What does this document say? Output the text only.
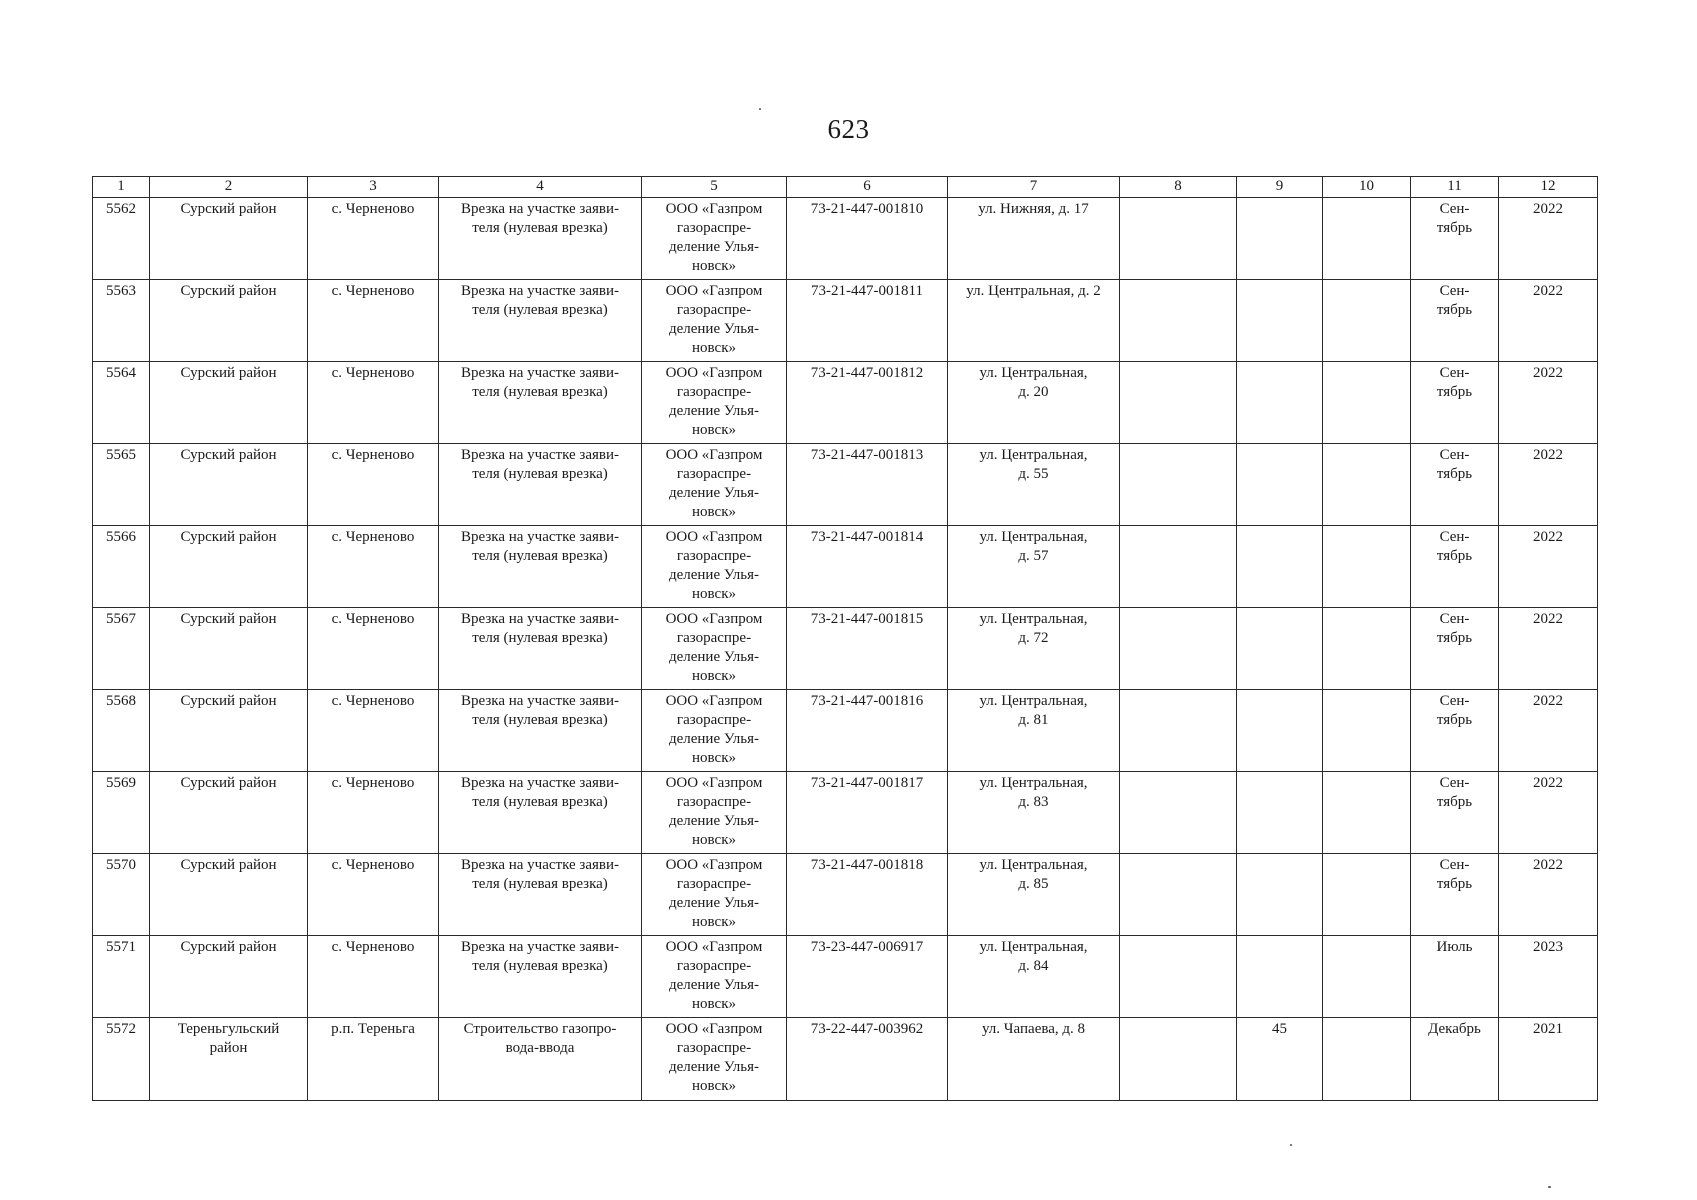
623
1	2	3	4	5	6	7	8	9	10	11	12
5562	Сурский район	с. Черненово	Врезка на участке заяви-
теля (нулевая врезка)	ООО «Газпром
газораспре-
деление Улья-
новск»	73-21-447-001810	ул. Нижняя, д. 17				Сен-
тябрь	2022
5563	Сурский район	с. Черненово	Врезка на участке заяви-
теля (нулевая врезка)	ООО «Газпром
газораспре-
деление Улья-
новск»	73-21-447-001811	ул. Центральная, д. 2				Сен-
тябрь	2022
5564	Сурский район	с. Черненово	Врезка на участке заяви-
теля (нулевая врезка)	ООО «Газпром
газораспре-
деление Улья-
новск»	73-21-447-001812	ул. Центральная,
д. 20				Сен-
тябрь	2022
5565	Сурский район	с. Черненово	Врезка на участке заяви-
теля (нулевая врезка)	ООО «Газпром
газораспре-
деление Улья-
новск»	73-21-447-001813	ул. Центральная,
д. 55				Сен-
тябрь	2022
5566	Сурский район	с. Черненово	Врезка на участке заяви-
теля (нулевая врезка)	ООО «Газпром
газораспре-
деление Улья-
новск»	73-21-447-001814	ул. Центральная,
д. 57				Сен-
тябрь	2022
5567	Сурский район	с. Черненово	Врезка на участке заяви-
теля (нулевая врезка)	ООО «Газпром
газораспре-
деление Улья-
новск»	73-21-447-001815	ул. Центральная,
д. 72				Сен-
тябрь	2022
5568	Сурский район	с. Черненово	Врезка на участке заяви-
теля (нулевая врезка)	ООО «Газпром
газораспре-
деление Улья-
новск»	73-21-447-001816	ул. Центральная,
д. 81				Сен-
тябрь	2022
5569	Сурский район	с. Черненово	Врезка на участке заяви-
теля (нулевая врезка)	ООО «Газпром
газораспре-
деление Улья-
новск»	73-21-447-001817	ул. Центральная,
д. 83				Сен-
тябрь	2022
5570	Сурский район	с. Черненово	Врезка на участке заяви-
теля (нулевая врезка)	ООО «Газпром
газораспре-
деление Улья-
новск»	73-21-447-001818	ул. Центральная,
д. 85				Сен-
тябрь	2022
5571	Сурский район	с. Черненово	Врезка на участке заяви-
теля (нулевая врезка)	ООО «Газпром
газораспре-
деление Улья-
новск»	73-23-447-006917	ул. Центральная,
д. 84				Июль	2023
5572	Тереньгульский
район	р.п. Тереньга	Строительство газопро-
вода-ввода	ООО «Газпром
газораспре-
деление Улья-
новск»	73-22-447-003962	ул. Чапаева, д. 8		45		Декабрь	2021
